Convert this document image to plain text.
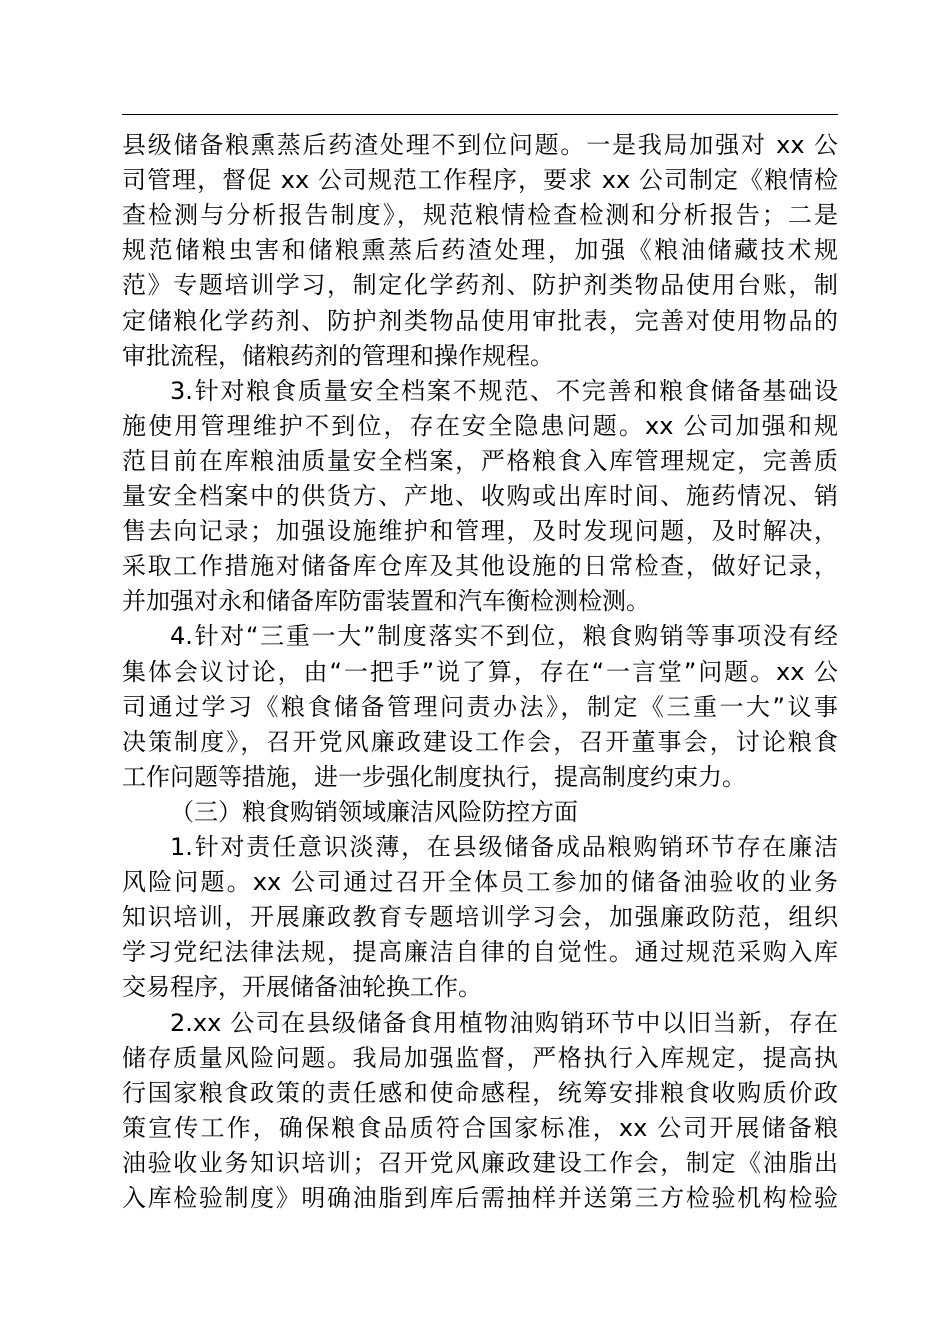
县级储备粮熏蒸后药渣处理不到位问题。一是我局加强对 xx 公
司管理，督促 xx 公司规范工作程序，要求 xx 公司制定《粮情检
查检测与分析报告制度》，规范粮情检查检测和分析报告；二是
规范储粮虫害和储粮熏蒸后药渣处理，加强《粮油储藏技术规
范》专题培训学习，制定化学药剂、防护剂类物品使用台账，制
定储粮化学药剂、防护剂类物品使用审批表，完善对使用物品的
审批流程，储粮药剂的管理和操作规程。
3.针对粮食质量安全档案不规范、不完善和粮食储备基础设
施使用管理维护不到位，存在安全隐患问题。xx 公司加强和规
范目前在库粮油质量安全档案，严格粮食入库管理规定，完善质
量安全档案中的供货方、产地、收购或出库时间、施药情况、销
售去向记录；加强设施维护和管理，及时发现问题，及时解决，
采取工作措施对储备库仓库及其他设施的日常检查，做好记录，
并加强对永和储备库防雷装置和汽车衡检测检测。
4.针对“三重一大”制度落实不到位，粮食购销等事项没有经
集体会议讨论，由“一把手”说了算，存在“一言堂”问题。xx 公
司通过学习《粮食储备管理问责办法》，制定《三重一大”议事
决策制度》，召开党风廉政建设工作会，召开董事会，讨论粮食
工作问题等措施，进一步强化制度执行，提高制度约束力。
（三）粮食购销领域廉洁风险防控方面
1.针对责任意识淡薄，在县级储备成品粮购销环节存在廉洁
风险问题。xx 公司通过召开全体员工参加的储备油验收的业务
知识培训，开展廉政教育专题培训学习会，加强廉政防范，组织
学习党纪法律法规，提高廉洁自律的自觉性。通过规范采购入库
交易程序，开展储备油轮换工作。
2.xx 公司在县级储备食用植物油购销环节中以旧当新，存在
储存质量风险问题。我局加强监督，严格执行入库规定，提高执
行国家粮食政策的责任感和使命感程，统筹安排粮食收购质价政
策宣传工作，确保粮食品质符合国家标准，xx 公司开展储备粮
油验收业务知识培训；召开党风廉政建设工作会，制定《油脂出
入库检验制度》明确油脂到库后需抽样并送第三方检验机构检验
